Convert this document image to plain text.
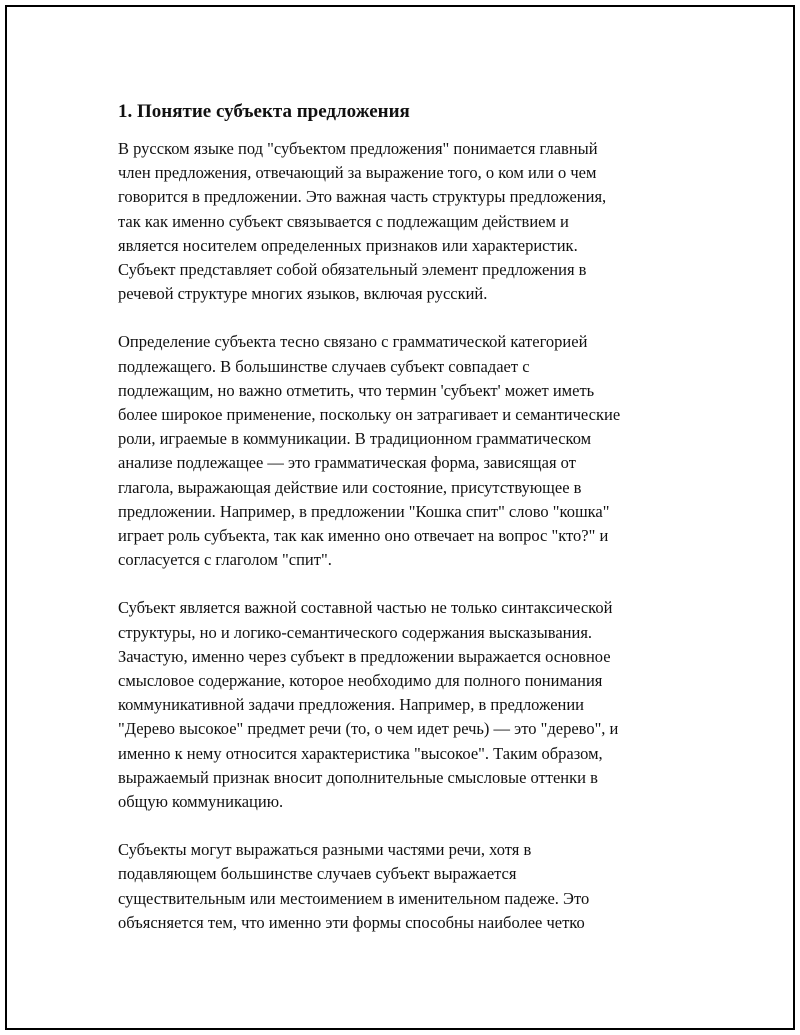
1. Понятие субъекта предложения

В русском языке под "субъектом предложения" понимается главный
член предложения, отвечающий за выражение того, о ком или о чем
говорится в предложении. Это важная часть структуры предложения,
так как именно субъект связывается с подлежащим действием и
является носителем определенных признаков или характеристик.
Субъект представляет собой обязательный элемент предложения в
речевой структуре многих языков, включая русский.

Определение субъекта тесно связано с грамматической категорией
подлежащего. В большинстве случаев субъект совпадает с
подлежащим, но важно отметить, что термин 'субъект' может иметь
более широкое применение, поскольку он затрагивает и семантические
роли, играемые в коммуникации. В традиционном грамматическом
анализе подлежащее — это грамматическая форма, зависящая от
глагола, выражающая действие или состояние, присутствующее в
предложении. Например, в предложении "Кошка спит" слово "кошка"
играет роль субъекта, так как именно оно отвечает на вопрос "кто?" и
согласуется с глаголом "спит".

Субъект является важной составной частью не только синтаксической
структуры, но и логико-семантического содержания высказывания.
Зачастую, именно через субъект в предложении выражается основное
смысловое содержание, которое необходимо для полного понимания
коммуникативной задачи предложения. Например, в предложении
"Дерево высокое" предмет речи (то, о чем идет речь) — это "дерево", и
именно к нему относится характеристика "высокое". Таким образом,
выражаемый признак вносит дополнительные смысловые оттенки в
общую коммуникацию.

Субъекты могут выражаться разными частями речи, хотя в
подавляющем большинстве случаев субъект выражается
существительным или местоимением в именительном падеже. Это
объясняется тем, что именно эти формы способны наиболее четко
